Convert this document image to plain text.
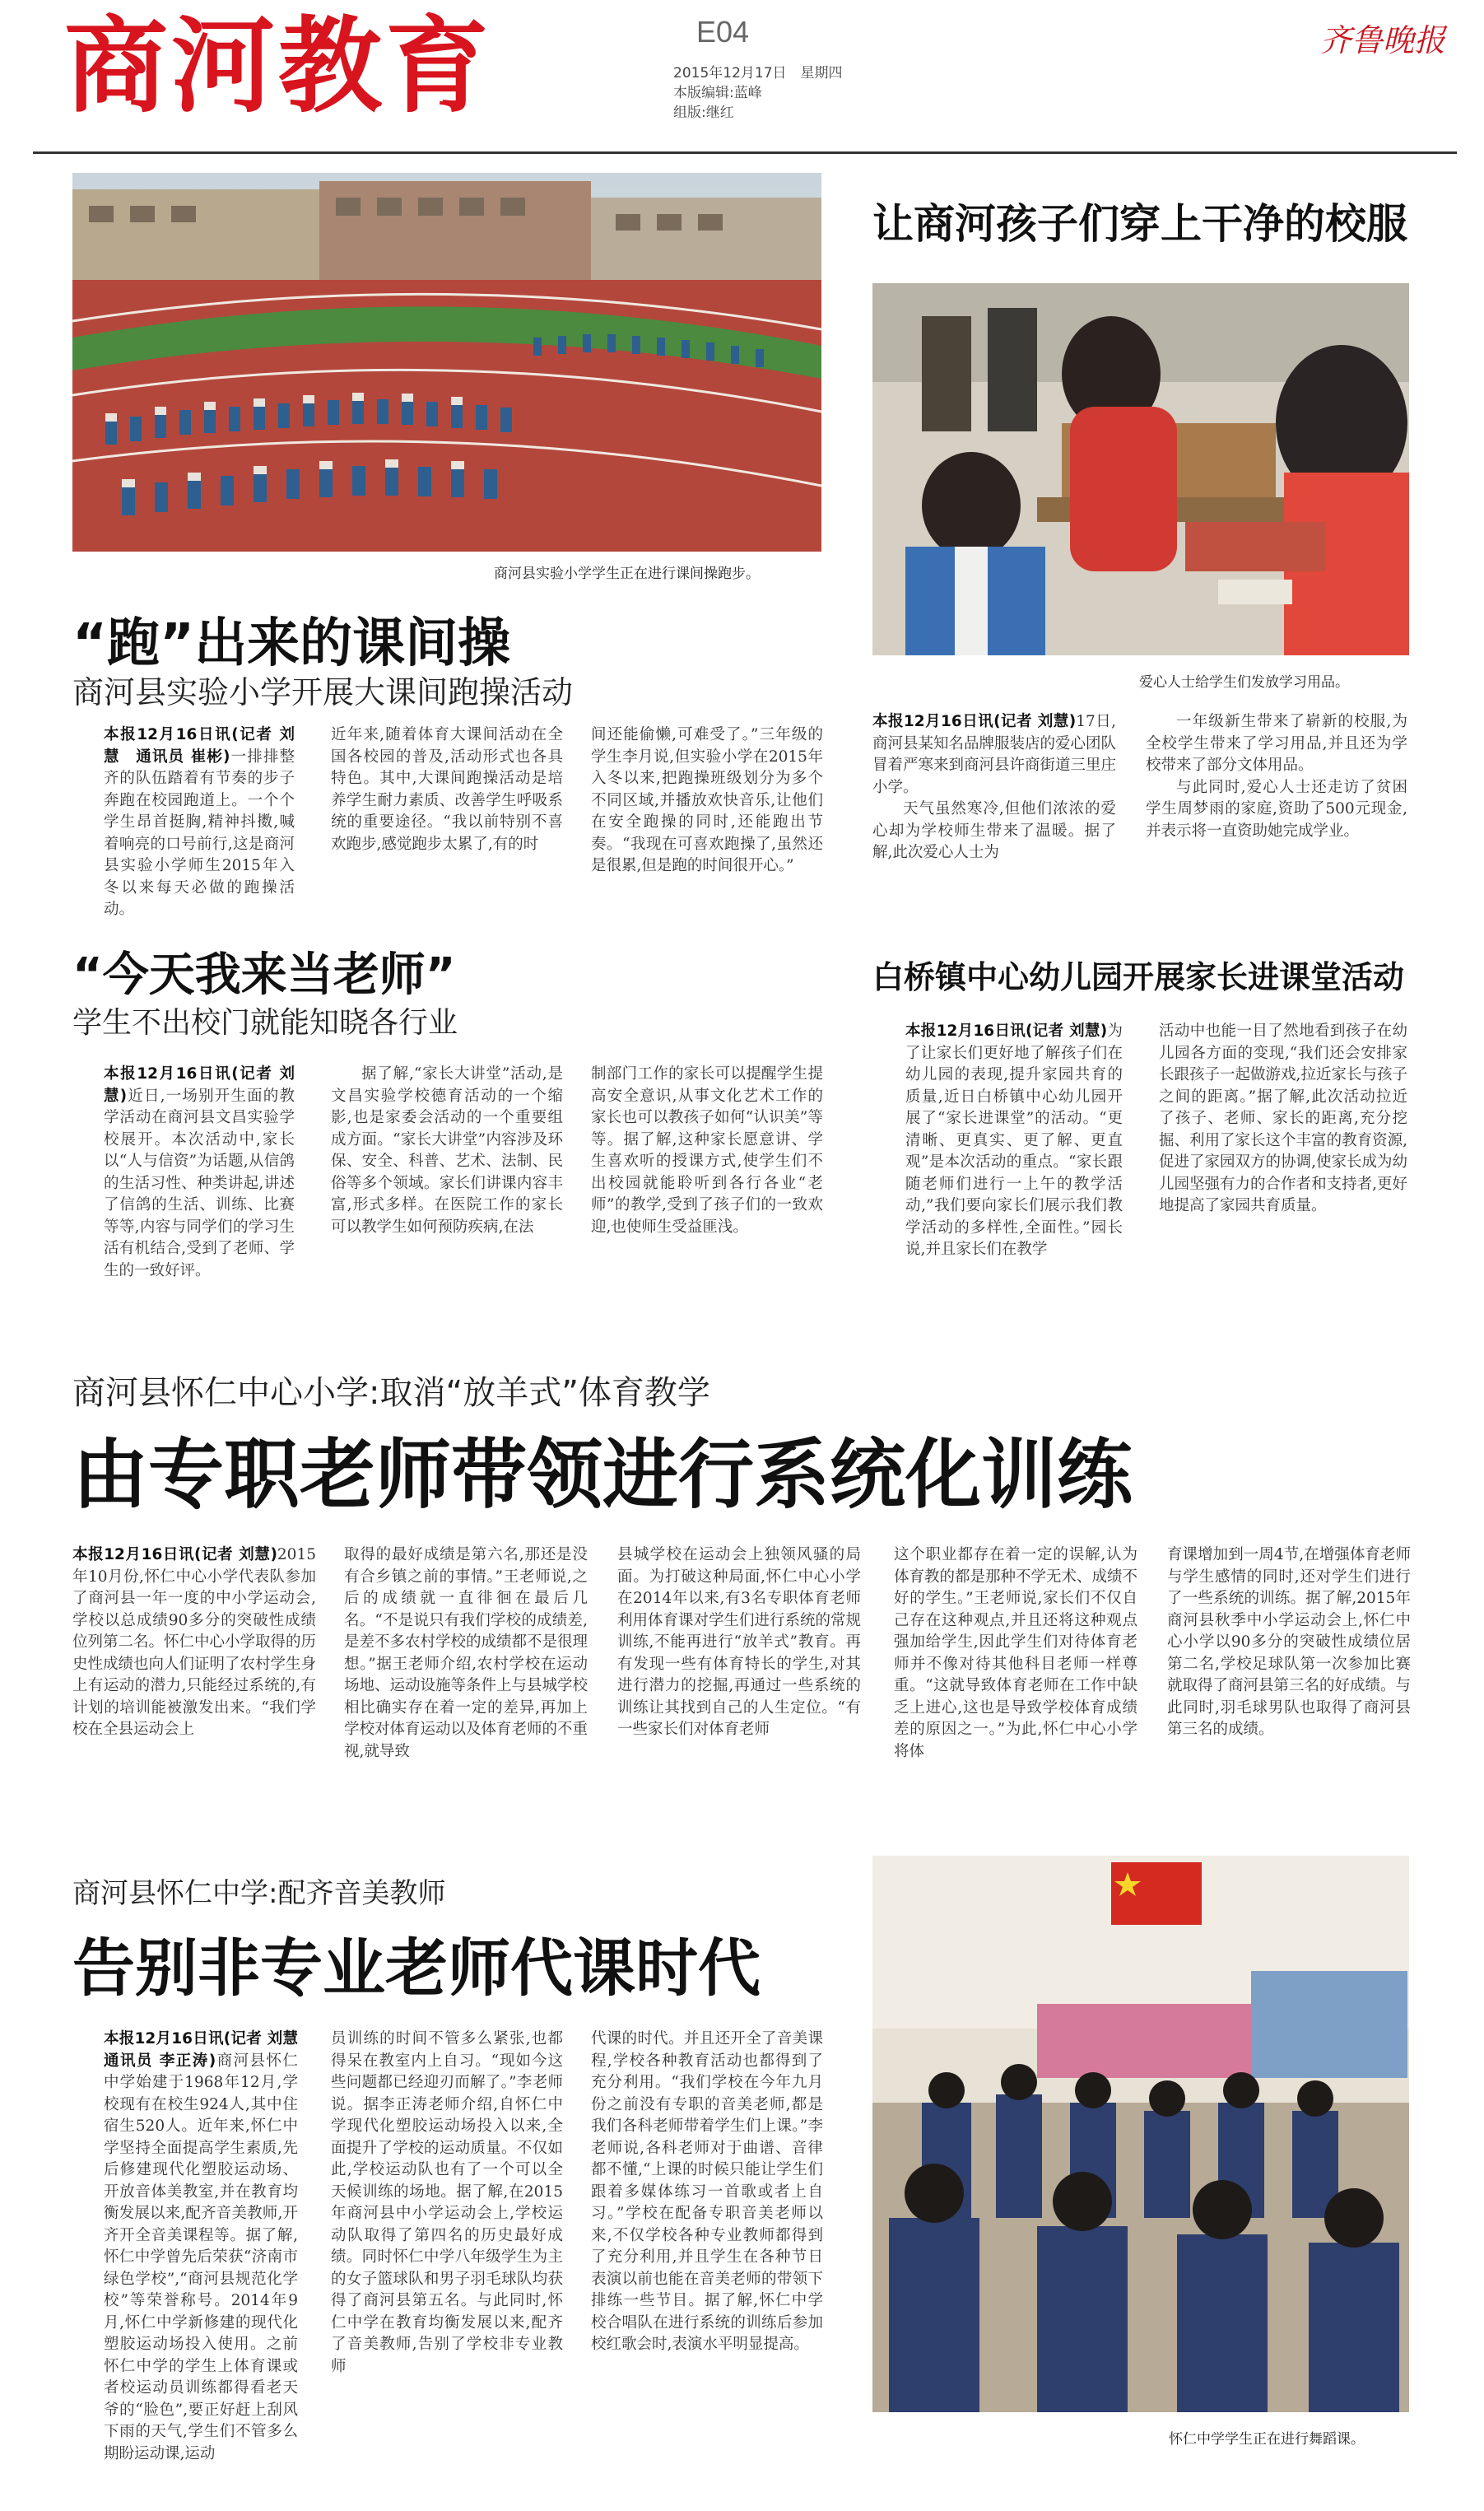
商河教育	E04
2015年12月17日　星期四
本版编辑:蓝峰
组版:继红
齐鲁晚报
商河县实验小学学生正在进行课间操跑步。
“跑”出来的课间操
商河县实验小学开展大课间跑操活动

本报12月16日讯(记者 刘慧　通讯员 崔彬)一排排整齐的队伍踏着有节奏的步子奔跑在校园跑道上。一个个学生昂首挺胸,精神抖擞,喊着响亮的口号前行,这是商河县实验小学师生2015年入冬以来每天必做的跑操活动。

近年来,随着体育大课间活动在全国各校园的普及,活动形式也各具特色。其中,大课间跑操活动是培养学生耐力素质、改善学生呼吸系统的重要途径。“我以前特别不喜欢跑步,感觉跑步太累了,有的时

间还能偷懒,可难受了。”三年级的学生李月说,但实验小学在2015年入冬以来,把跑操班级划分为多个不同区域,并播放欢快音乐,让他们在安全跑操的同时,还能跑出节奏。“我现在可喜欢跑操了,虽然还是很累,但是跑的时间很开心。”

让商河孩子们穿上干净的校服
爱心人士给学生们发放学习用品。

本报12月16日讯(记者 刘慧)17日,商河县某知名品牌服装店的爱心团队冒着严寒来到商河县许商街道三里庄小学。

天气虽然寒冷,但他们浓浓的爱心却为学校师生带来了温暖。据了解,此次爱心人士为

一年级新生带来了崭新的校服,为全校学生带来了学习用品,并且还为学校带来了部分文体用品。

与此同时,爱心人士还走访了贫困学生周梦雨的家庭,资助了500元现金,并表示将一直资助她完成学业。

“今天我来当老师”
学生不出校门就能知晓各行业

本报12月16日讯(记者 刘慧)近日,一场别开生面的教学活动在商河县文昌实验学校展开。本次活动中,家长以“人与信资”为话题,从信鸽的生活习性、种类讲起,讲述了信鸽的生活、训练、比赛等等,内容与同学们的学习生活有机结合,受到了老师、学生的一致好评。

据了解,“家长大讲堂”活动,是文昌实验学校德育活动的一个缩影,也是家委会活动的一个重要组成方面。“家长大讲堂”内容涉及环保、安全、科普、艺术、法制、民俗等多个领域。家长们讲课内容丰富,形式多样。在医院工作的家长可以教学生如何预防疾病,在法

制部门工作的家长可以提醒学生提高安全意识,从事文化艺术工作的家长也可以教孩子如何“认识美”等等。据了解,这种家长愿意讲、学生喜欢听的授课方式,使学生们不出校园就能聆听到各行各业“老师”的教学,受到了孩子们的一致欢迎,也使师生受益匪浅。

白桥镇中心幼儿园开展家长进课堂活动

本报12月16日讯(记者 刘慧)为了让家长们更好地了解孩子们在幼儿园的表现,提升家园共育的质量,近日白桥镇中心幼儿园开展了“家长进课堂”的活动。“更清晰、更真实、更了解、更直观”是本次活动的重点。“家长跟随老师们进行一上午的教学活动,”我们要向家长们展示我们教学活动的多样性,全面性。”园长说,并且家长们在教学

活动中也能一目了然地看到孩子在幼儿园各方面的变现,“我们还会安排家长跟孩子一起做游戏,拉近家长与孩子之间的距离。”据了解,此次活动拉近了孩子、老师、家长的距离,充分挖掘、利用了家长这个丰富的教育资源,促进了家园双方的协调,使家长成为幼儿园坚强有力的合作者和支持者,更好地提高了家园共育质量。

商河县怀仁中心小学:取消“放羊式”体育教学
由专职老师带领进行系统化训练

本报12月16日讯(记者 刘慧)2015年10月份,怀仁中心小学代表队参加了商河县一年一度的中小学运动会,学校以总成绩90多分的突破性成绩位列第二名。怀仁中心小学取得的历史性成绩也向人们证明了农村学生身上有运动的潜力,只能经过系统的,有计划的培训能被激发出来。“我们学校在全县运动会上

取得的最好成绩是第六名,那还是没有合乡镇之前的事情。”王老师说,之后的成绩就一直徘徊在最后几名。“不是说只有我们学校的成绩差,是差不多农村学校的成绩都不是很理想。”据王老师介绍,农村学校在运动场地、运动设施等条件上与县城学校相比确实存在着一定的差异,再加上学校对体育运动以及体育老师的不重视,就导致

县城学校在运动会上独领风骚的局面。为打破这种局面,怀仁中心小学在2014年以来,有3名专职体育老师利用体育课对学生们进行系统的常规训练,不能再进行“放羊式”教育。再有发现一些有体育特长的学生,对其进行潜力的挖掘,再通过一些系统的训练让其找到自己的人生定位。“有一些家长们对体育老师

这个职业都存在着一定的误解,认为体育教的都是那种不学无术、成绩不好的学生。”王老师说,家长们不仅自己存在这种观点,并且还将这种观点强加给学生,因此学生们对待体育老师并不像对待其他科目老师一样尊重。“这就导致体育老师在工作中缺乏上进心,这也是导致学校体育成绩差的原因之一。”为此,怀仁中心小学将体

育课增加到一周4节,在增强体育老师与学生感情的同时,还对学生们进行了一些系统的训练。据了解,2015年商河县秋季中小学运动会上,怀仁中心小学以90多分的突破性成绩位居第二名,学校足球队第一次参加比赛就取得了商河县第三名的好成绩。与此同时,羽毛球男队也取得了商河县第三名的成绩。

商河县怀仁中学:配齐音美教师
告别非专业老师代课时代

本报12月16日讯(记者 刘慧　通讯员 李正涛)商河县怀仁中学始建于1968年12月,学校现有在校生924人,其中住宿生520人。近年来,怀仁中学坚持全面提高学生素质,先后修建现代化塑胶运动场、开放音体美教室,并在教育均衡发展以来,配齐音美教师,开齐开全音美课程等。据了解,怀仁中学曾先后荣获“济南市绿色学校”,“商河县规范化学校”等荣誉称号。2014年9月,怀仁中学新修建的现代化塑胶运动场投入使用。之前怀仁中学的学生上体育课或者校运动员训练都得看老天爷的“脸色”,要正好赶上刮风下雨的天气,学生们不管多么期盼运动课,运动

员训练的时间不管多么紧张,也都得呆在教室内上自习。“现如今这些问题都已经迎刃而解了。”李老师说。据李正涛老师介绍,自怀仁中学现代化塑胶运动场投入以来,全面提升了学校的运动质量。不仅如此,学校运动队也有了一个可以全天候训练的场地。据了解,在2015年商河县中小学运动会上,学校运动队取得了第四名的历史最好成绩。同时怀仁中学八年级学生为主的女子篮球队和男子羽毛球队均获得了商河县第五名。与此同时,怀仁中学在教育均衡发展以来,配齐了音美教师,告别了学校非专业教师

代课的时代。并且还开全了音美课程,学校各种教育活动也都得到了充分利用。“我们学校在今年九月份之前没有专职的音美老师,都是我们各科老师带着学生们上课。”李老师说,各科老师对于曲谱、音律都不懂,“上课的时候只能让学生们跟着多媒体练习一首歌或者上自习。”学校在配备专职音美老师以来,不仅学校各种专业教师都得到了充分利用,并且学生在各种节日表演以前也能在音美老师的带领下排练一些节目。据了解,怀仁中学校合唱队在进行系统的训练后参加校红歌会时,表演水平明显提高。

怀仁中学学生正在进行舞蹈课。
